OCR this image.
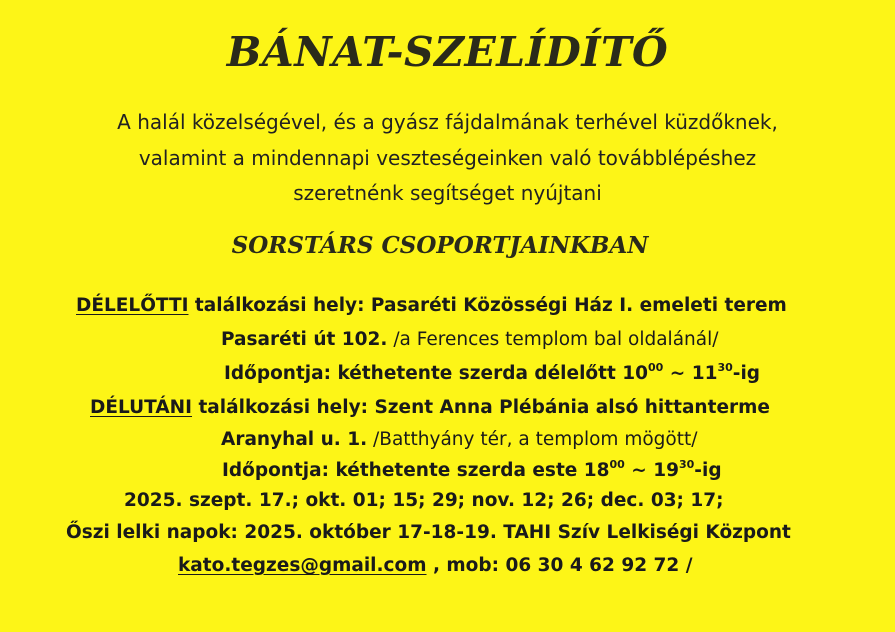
BÁNAT-SZELÍDÍTŐ
A halál közelségével, és a gyász fájdalmának terhével küzdőknek,
valamint a mindennapi veszteségeinken való továbblépéshez
szeretnénk segítséget nyújtani
SORSTÁRS CSOPORTJAINKBAN
DÉLELŐTTI találkozási hely: Pasaréti Közösségi Ház I. emeleti terem
Pasaréti út 102. /a Ferences templom bal oldalánál/
Időpontja: kéthetente szerda délelőtt $10^{00}$ ~ $11^{30}-ig$
DÉLUTÁNI találkozási hely: Szent Anna Plébánia alsó hittanterme
Aranyhal u. 1. /Batthyány tér, a templom mögött/
Időpontja: kéthetente szerda este $18^{00}$ ~ $19^{30}-ig$
2025. szept. 17.; okt. 01; 15; 29; nov. 12; 26; dec. 03; 17;
Őszi lelki napok: 2025. október 17-18-19. TAHI Szív Lelkiségi Központ
kato.tegzes@gmail.com , mob: 06 30 4 62 92 72 /
